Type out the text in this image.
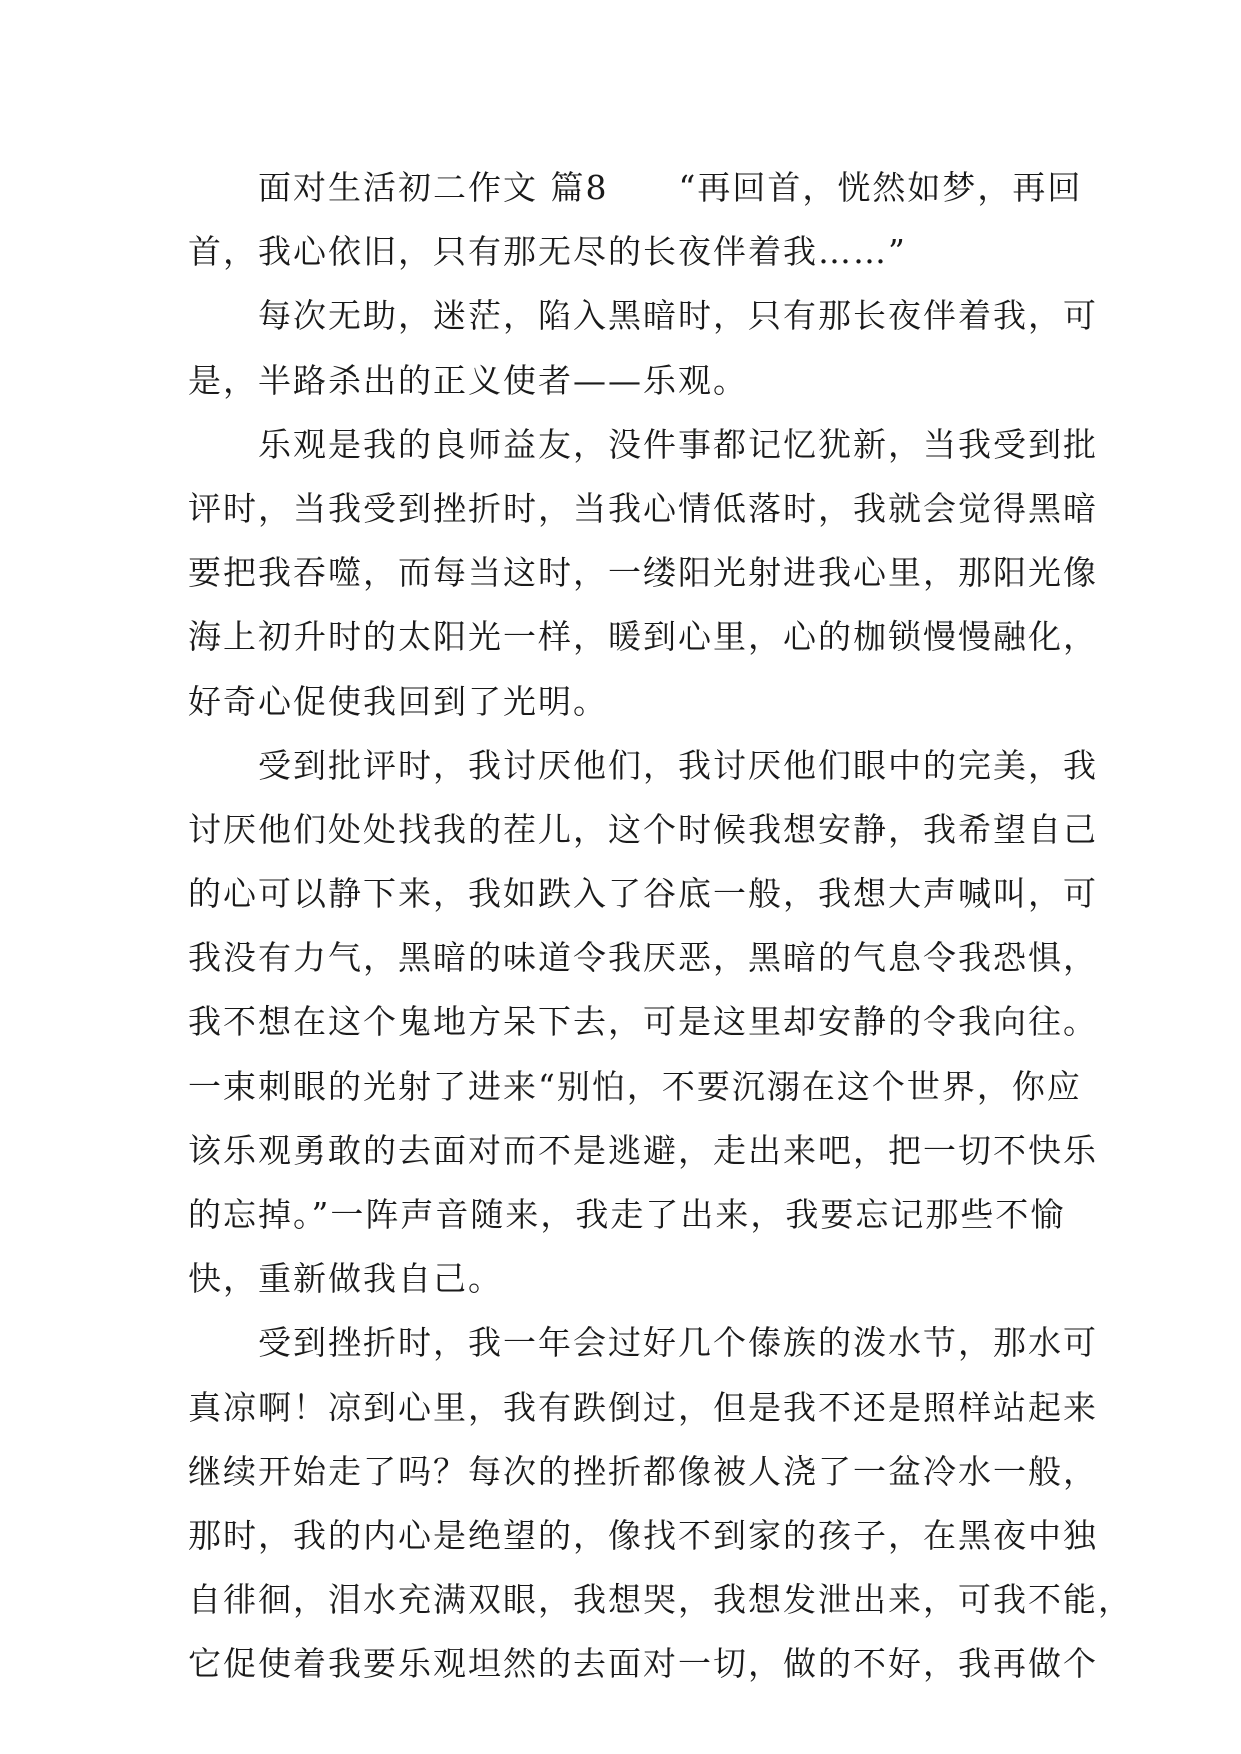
面对生活初二作文 篇8　　“再回首，恍然如梦，再回
首，我心依旧，只有那无尽的长夜伴着我……”
每次无助，迷茫，陷入黑暗时，只有那长夜伴着我，可
是，半路杀出的正义使者——乐观。
乐观是我的良师益友，没件事都记忆犹新，当我受到批
评时，当我受到挫折时，当我心情低落时，我就会觉得黑暗
要把我吞噬，而每当这时，一缕阳光射进我心里，那阳光像
海上初升时的太阳光一样，暖到心里，心的枷锁慢慢融化，
好奇心促使我回到了光明。
受到批评时，我讨厌他们，我讨厌他们眼中的完美，我
讨厌他们处处找我的茬儿，这个时候我想安静，我希望自己
的心可以静下来，我如跌入了谷底一般，我想大声喊叫，可
我没有力气，黑暗的味道令我厌恶，黑暗的气息令我恐惧，
我不想在这个鬼地方呆下去，可是这里却安静的令我向往。
一束刺眼的光射了进来“别怕，不要沉溺在这个世界，你应
该乐观勇敢的去面对而不是逃避，走出来吧，把一切不快乐
的忘掉。”一阵声音随来，我走了出来，我要忘记那些不愉
快，重新做我自己。
受到挫折时，我一年会过好几个傣族的泼水节，那水可
真凉啊！凉到心里，我有跌倒过，但是我不还是照样站起来
继续开始走了吗？每次的挫折都像被人浇了一盆冷水一般，
那时，我的内心是绝望的，像找不到家的孩子，在黑夜中独
自徘徊，泪水充满双眼，我想哭，我想发泄出来，可我不能，
它促使着我要乐观坦然的去面对一切，做的不好，我再做个
